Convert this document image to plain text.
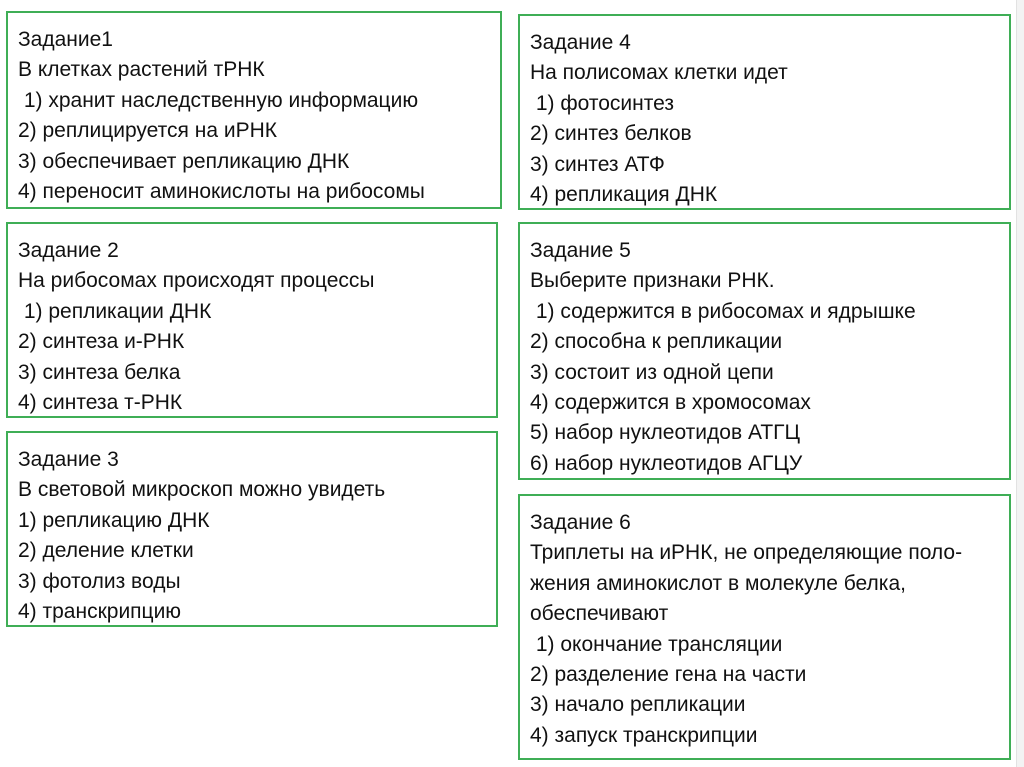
Задание1
В клетках растений тРНК
1) хранит наследственную информацию
2) реплицируется на иРНК
3) обеспечивает репликацию ДНК
4) переносит аминокислоты на рибосомы
Задание 2
На рибосомах происходят процессы
1) репликации ДНК
2) синтеза и-РНК
3) синтеза белка
4) синтеза т-РНК
Задание 3
В световой микроскоп можно увидеть
1) репликацию ДНК
2) деление клетки
3) фотолиз воды
4) транскрипцию
Задание 4
На полисомах клетки идет
1) фотосинтез
2) синтез белков
3) синтез АТФ
4) репликация ДНК
Задание 5
Выберите признаки РНК.
1) содержится в рибосомах и ядрышке
2) способна к репликации
3) состоит из одной цепи
4) содержится в хромосомах
5) набор нуклеотидов АТГЦ
6) набор нуклеотидов АГЦУ
Задание 6
Триплеты на иРНК, не определяющие поло-
жения аминокислот в молекуле белка,
обеспечивают
1) окончание трансляции
2) разделение гена на части
3) начало репликации
4) запуск транскрипции
